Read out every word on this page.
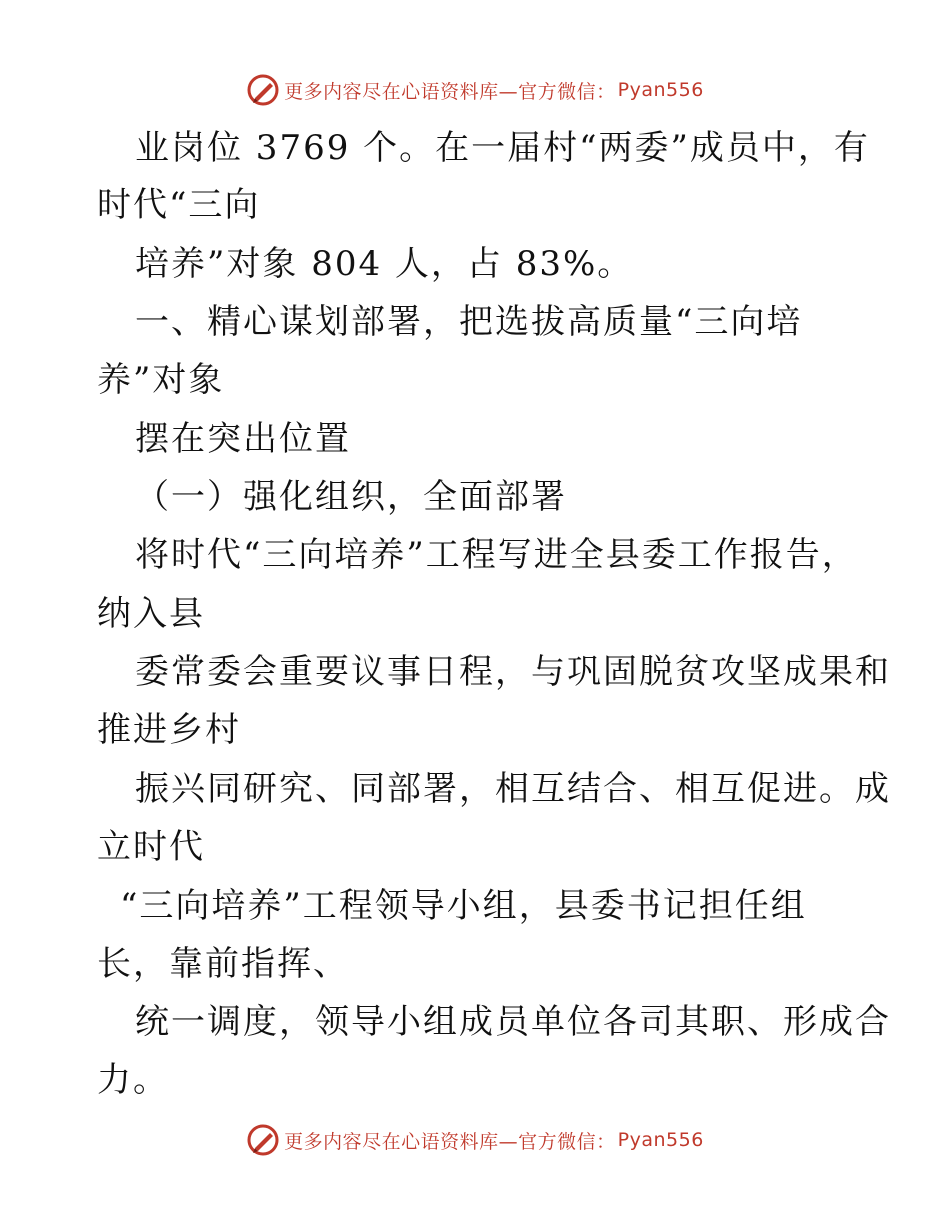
更多内容尽在心语资料库—官方微信： Pyan556
业岗位 3769 个。在一届村“两委”成员中，有
时代“三向
培养”对象 804 人，占 83%。
一、精心谋划部署，把选拔高质量“三向培
养”对象
摆在突出位置
（一）强化组织，全面部署
将时代“三向培养”工程写进全县委工作报告，
纳入县
委常委会重要议事日程，与巩固脱贫攻坚成果和
推进乡村
振兴同研究、同部署，相互结合、相互促进。成
立时代
“三向培养”工程领导小组，县委书记担任组
长，靠前指挥、
统一调度，领导小组成员单位各司其职、形成合
力。
更多内容尽在心语资料库—官方微信： Pyan556
